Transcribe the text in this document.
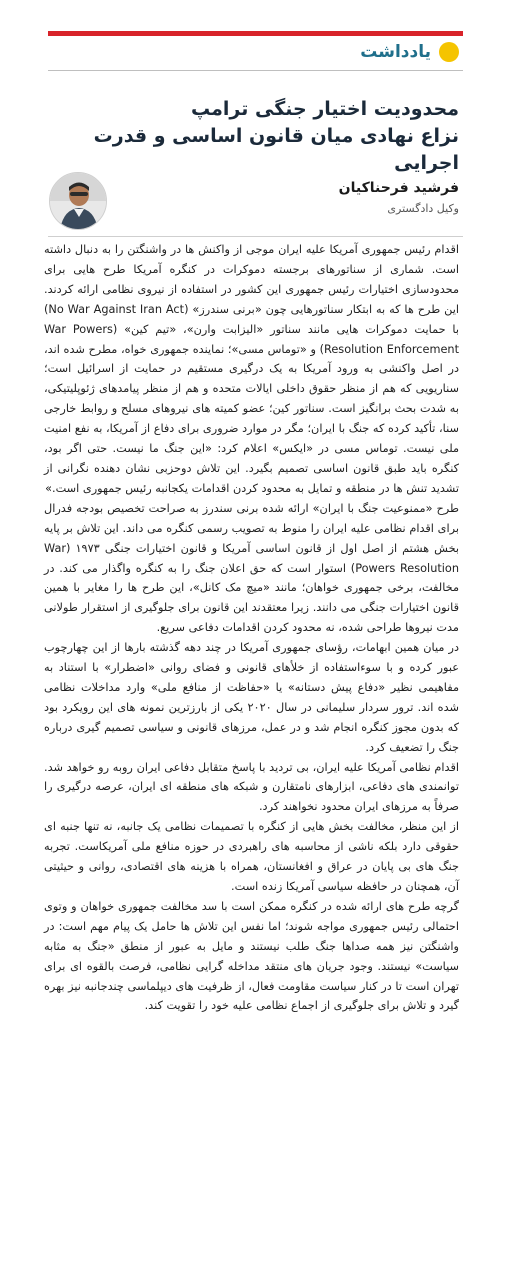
یادداشت
محدودیت اختیار جنگی ترامپ
نزاع نهادی میان قانون اساسی و قدرت اجرایی
فرشید فرحناکیان
وکیل دادگستری

اقدام رئیس جمهوری آمریکا علیه ایران موجی از واکنش ها در واشنگتن را به دنبال داشته است. شماری از سناتورهای برجسته دموکرات در کنگره آمریکا طرح هایی برای محدودسازی اختیارات رئیس جمهوری این کشور در استفاده از نیروی نظامی ارائه کردند. این طرح ها که به ابتکار سناتورهایی چون «برنی سندرز» (No War Against Iran Act) با حمایت دموکرات هایی مانند سناتور «الیزابت وارن»، «تیم کین» (War Powers Resolution Enforcement) و «توماس مسی»؛ نماینده جمهوری خواه، مطرح شده اند، در اصل واکنشی به ورود آمریکا به یک درگیری مستقیم در حمایت از اسرائیل است؛ سناریویی که هم از منظر حقوق داخلی ایالات متحده و هم از منظر پیامدهای ژئوپلیتیکی، به شدت بحث برانگیز است. سناتور کین؛ عضو کمیته های نیروهای مسلح و روابط خارجی سنا، تأکید کرده که جنگ با ایران؛ مگر در موارد ضروری برای دفاع از آمریکا، به نفع امنیت ملی نیست. توماس مسی در «ایکس» اعلام کرد: «این جنگ ما نیست. حتی اگر بود، کنگره باید طبق قانون اساسی تصمیم بگیرد. این تلاش دوحزبی نشان دهنده نگرانی از تشدید تنش ها در منطقه و تمایل به محدود کردن اقدامات یکجانبه رئیس جمهوری است.»

طرح «ممنوعیت جنگ با ایران» ارائه شده برنی سندرز به صراحت تخصیص بودجه فدرال برای اقدام نظامی علیه ایران را منوط به تصویب رسمی کنگره می داند. این تلاش بر پایه بخش هشتم از اصل اول از قانون اساسی آمریکا و قانون اختیارات جنگی ۱۹۷۳ (War Powers Resolution) استوار است که حق اعلان جنگ را به کنگره واگذار می کند. در مخالفت، برخی جمهوری خواهان؛ مانند «میچ مک کانل»، این طرح ها را مغایر با همین قانون اختیارات جنگی می دانند. زیرا معتقدند این قانون برای جلوگیری از استقرار طولانی مدت نیروها طراحی شده، نه محدود کردن اقدامات دفاعی سریع.

در میان همین ابهامات، رؤسای جمهوری آمریکا در چند دهه گذشته بارها از این چهارچوب عبور کرده و با سوءاستفاده از خلأهای قانونی و فضای روانی «اضطرار» با استناد به مفاهیمی نظیر «دفاع پیش دستانه» یا «حفاظت از منافع ملی» وارد مداخلات نظامی شده اند. ترور سردار سلیمانی در سال ۲۰۲۰ یکی از بارزترین نمونه های این رویکرد بود که بدون مجوز کنگره انجام شد و در عمل، مرزهای قانونی و سیاسی تصمیم گیری درباره جنگ را تضعیف کرد.

اقدام نظامی آمریکا علیه ایران، بی تردید با پاسخ متقابل دفاعی ایران روبه رو خواهد شد. توانمندی های دفاعی، ابزارهای نامتقارن و شبکه های منطقه ای ایران، عرصه درگیری را صرفاً به مرزهای ایران محدود نخواهند کرد.

از این منظر، مخالفت بخش هایی از کنگره با تصمیمات نظامی یک جانبه، نه تنها جنبه ای حقوقی دارد بلکه ناشی از محاسبه های راهبردی در حوزه منافع ملی آمریکاست. تجربه جنگ های بی پایان در عراق و افغانستان، همراه با هزینه های اقتصادی، روانی و حیثیتی آن، همچنان در حافظه سیاسی آمریکا زنده است.

گرچه طرح های ارائه شده در کنگره ممکن است با سد مخالفت جمهوری خواهان و وتوی احتمالی رئیس جمهوری مواجه شوند؛ اما نفس این تلاش ها حامل یک پیام مهم است: در واشنگتن نیز همه صداها جنگ طلب نیستند و مایل به عبور از منطق «جنگ به مثابه سیاست» نیستند. وجود جریان های منتقد مداخله گرایی نظامی، فرصت بالقوه ای برای تهران است تا در کنار سیاست مقاومت فعال، از ظرفیت های دیپلماسی چندجانبه نیز بهره گیرد و تلاش برای جلوگیری از اجماع نظامی علیه خود را تقویت کند.
